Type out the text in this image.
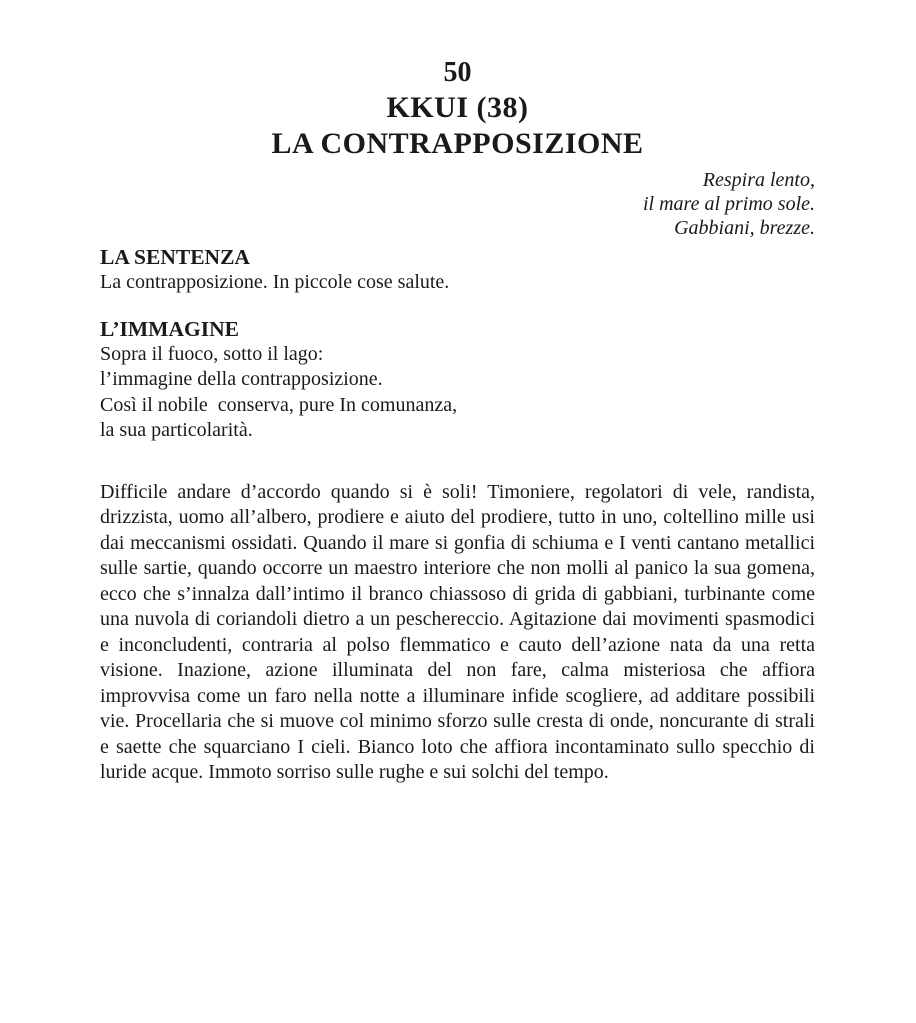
50
KKUI (38)
LA CONTRAPPOSIZIONE
Respira lento,
il mare al primo sole.
Gabbiani, brezze.
LA SENTENZA
La contrapposizione. In piccole cose salute.
L’IMMAGINE
Sopra il fuoco, sotto il lago:
l’immagine della contrapposizione.
Così il nobile  conserva, pure In comunanza,
la sua particolarità.

Difficile andare d’accordo quando si è soli! Timoniere, regolatori di vele, randista, drizzista, uomo all’albero, prodiere e aiuto del prodiere, tutto in uno, coltellino mille usi dai meccanismi ossidati. Quando il mare si gonfia di schiuma e I venti cantano metallici sulle sartie, quando occorre un maestro interiore che non molli al panico la sua gomena, ecco che s’innalza dall’intimo il branco chiassoso di grida di gabbiani, turbinante come una nuvola di coriandoli dietro a un peschereccio. Agitazione dai movimenti spasmodici e inconcludenti, contraria al polso flemmatico e cauto dell’azione nata da una retta visione. Inazione, azione illuminata del non fare, calma misteriosa che affiora improvvisa come un faro nella notte a illuminare infide scogliere, ad additare possibili vie. Procellaria che si muove col minimo sforzo sulle cresta di onde, noncurante di strali e saette che squarciano I cieli. Bianco loto che affiora incontaminato sullo specchio di luride acque. Immoto sorriso sulle rughe e sui solchi del tempo.
